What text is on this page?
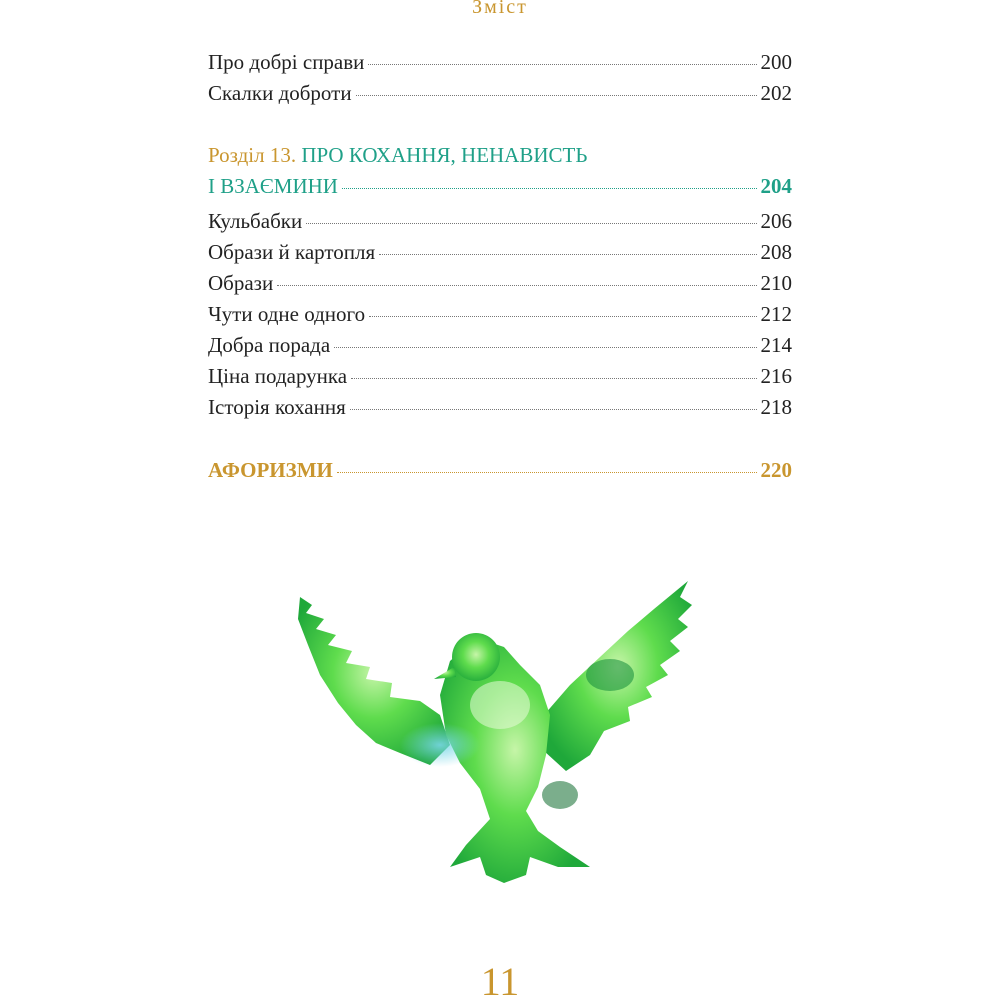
Зміст
Про добрі справи	200
Скалки доброти	202
Розділ 13. ПРО КОХАННЯ, НЕНАВИСТЬ
І ВЗАЄМИНИ	204
Кульбабки	206
Образи й картопля	208
Образи	210
Чути одне одного	212
Добра порада	214
Ціна подарунка	216
Історія кохання	218
АФОРИЗМИ	220
11
